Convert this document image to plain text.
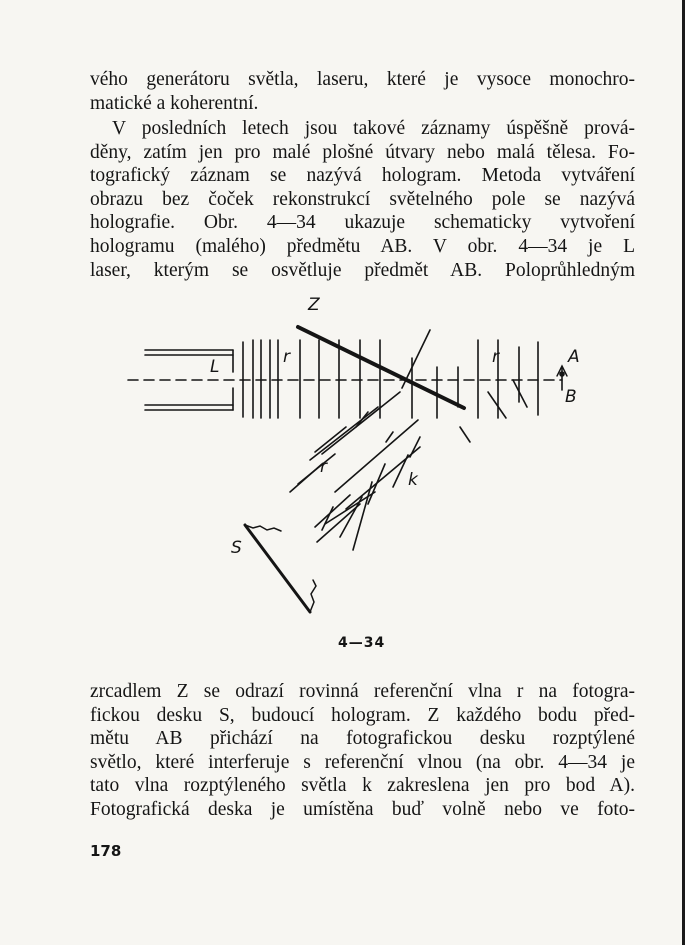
vého generátoru světla, laseru, které je vysoce monochro-
matické a koherentní.
V posledních letech jsou takové záznamy úspěšně prová-
děny, zatím jen pro malé plošné útvary nebo malá tělesa. Fo-
tografický záznam se nazývá hologram. Metoda vytváření
obrazu bez čoček rekonstrukcí světelného pole se nazývá
holografie. Obr. 4—34 ukazuje schematicky vytvoření
hologramu (malého) předmětu AB. V obr. 4—34 je L
laser, kterým se osvětluje předmět AB. Poloprůhledným
Z
L	r	r
r
k
A
B
S
4—34
zrcadlem Z se odrazí rovinná referenční vlna r na fotogra-
fickou desku S, budoucí hologram. Z každého bodu před-
mětu AB přichází na fotografickou desku rozptýlené
světlo, které interferuje s referenční vlnou (na obr. 4—34 je
tato vlna rozptýleného světla k zakreslena jen pro bod A).
Fotografická deska je umístěna buď volně nebo ve foto-
178
